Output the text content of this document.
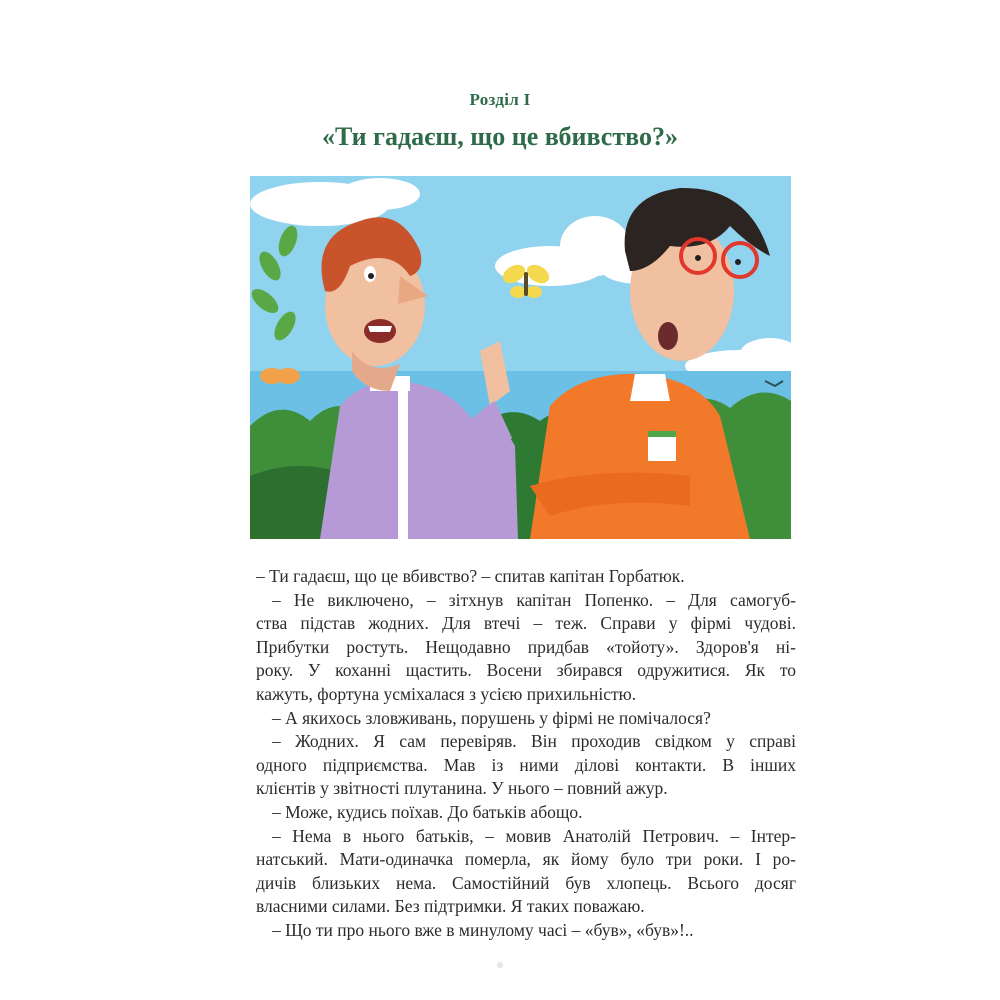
Розділ I
«Ти гадаєш, що це вбивство?»
– Ти гадаєш, що це вбивство? – спитав капітан Горбатюк.
– Не виключено, – зітхнув капітан Попенко. – Для самогуб-
ства підстав жодних. Для втечі – теж. Справи у фірмі чудові.
Прибутки ростуть. Нещодавно придбав «тойоту». Здоров'я ні-
року. У коханні щастить. Восени збирався одружитися. Як то
кажуть, фортуна усміхалася з усією прихильністю.
– А якихось зловживань, порушень у фірмі не помічалося?
– Жодних. Я сам перевіряв. Він проходив свідком у справі
одного підприємства. Мав із ними ділові контакти. В інших
клієнтів у звітності плутанина. У нього – повний ажур.
– Може, кудись поїхав. До батьків абощо.
– Нема в нього батьків, – мовив Анатолій Петрович. – Інтер-
натський. Мати-одиначка померла, як йому було три роки. І ро-
дичів близьких нема. Самостійний був хлопець. Всього досяг
власними силами. Без підтримки. Я таких поважаю.
– Що ти про нього вже в минулому часі – «був», «був»!..
